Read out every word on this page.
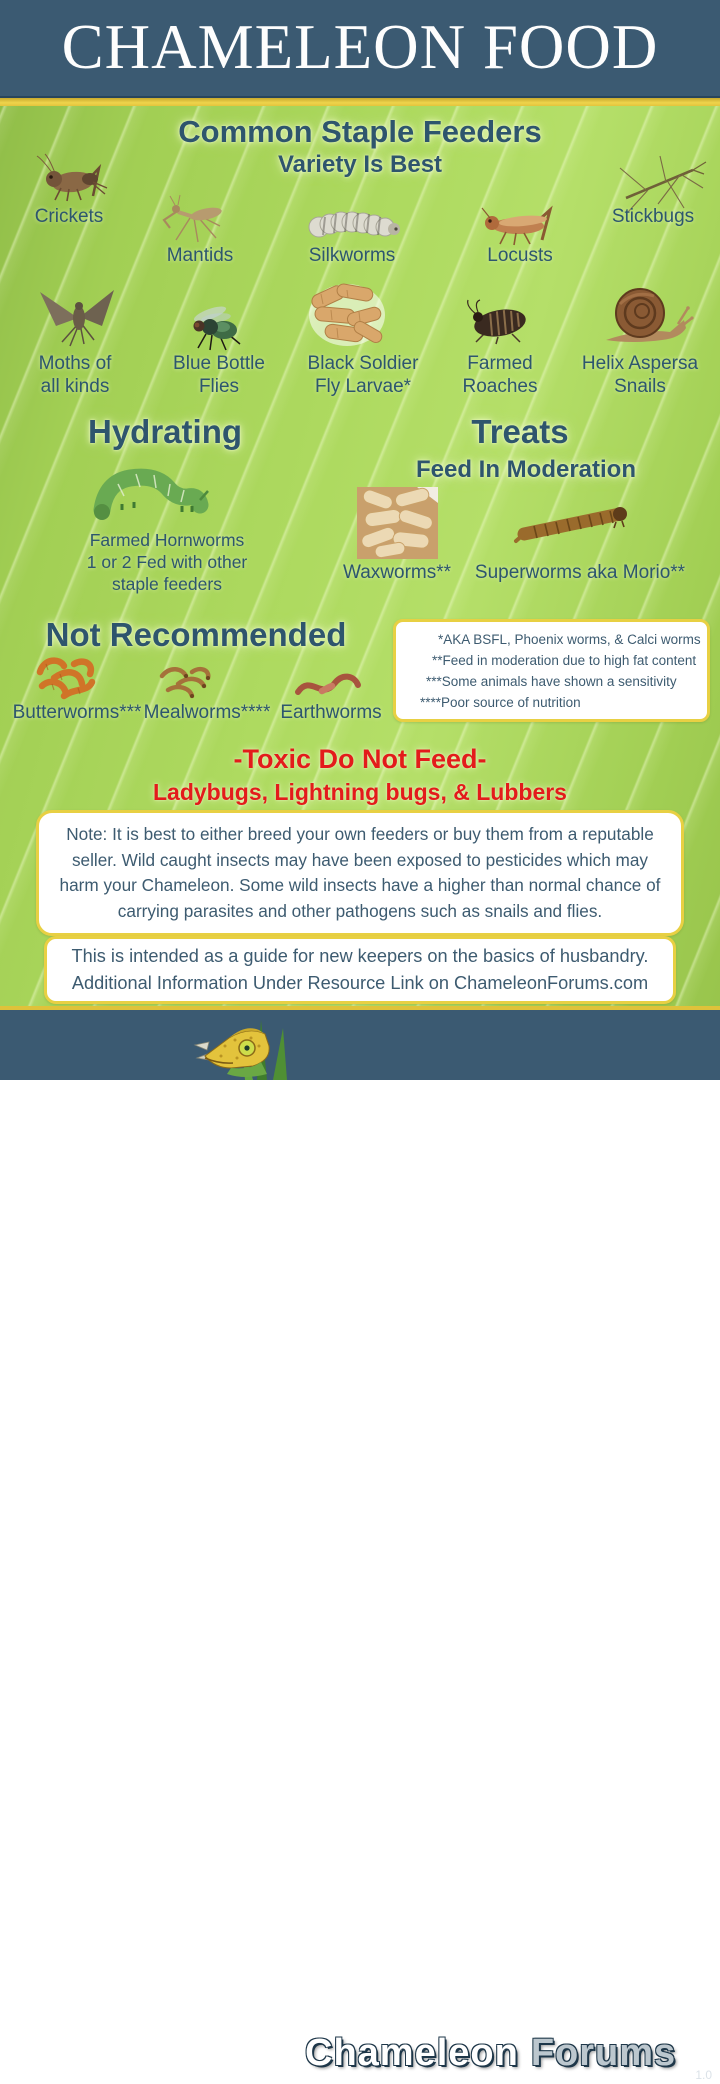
CHAMELEON FOOD
Common Staple Feeders
Variety Is Best
Crickets
Mantids	Silkworms	Locusts
Stickbugs
Moths of
all kinds
Blue Bottle
Flies
Black Soldier
Fly Larvae*
Farmed
Roaches
Helix Aspersa
Snails
Hydrating	Treats
Feed In Moderation
Farmed Hornworms
1 or 2 Fed with other
staple feeders
Waxworms** Superworms aka Morio**
Not Recommended
Butterworms*** Mealworms**** Earthworms
*AKA BSFL, Phoenix worms, & Calci worms
**Feed in moderation due to high fat content
***Some animals have shown a sensitivity
****Poor source of nutrition
-Toxic Do Not Feed-
Ladybugs, Lightning bugs, & Lubbers
Note: It is best to either breed your own feeders or buy them from a reputable seller. Wild caught insects may have been exposed to pesticides which may harm your Chameleon. Some wild insects have a higher than normal chance of carrying parasites and other pathogens such as snails and flies.
This is intended as a guide for new keepers on the basics of husbandry. Additional Information Under Resource Link on ChameleonForums.com
Chameleon Forums
© 2019	1.0
